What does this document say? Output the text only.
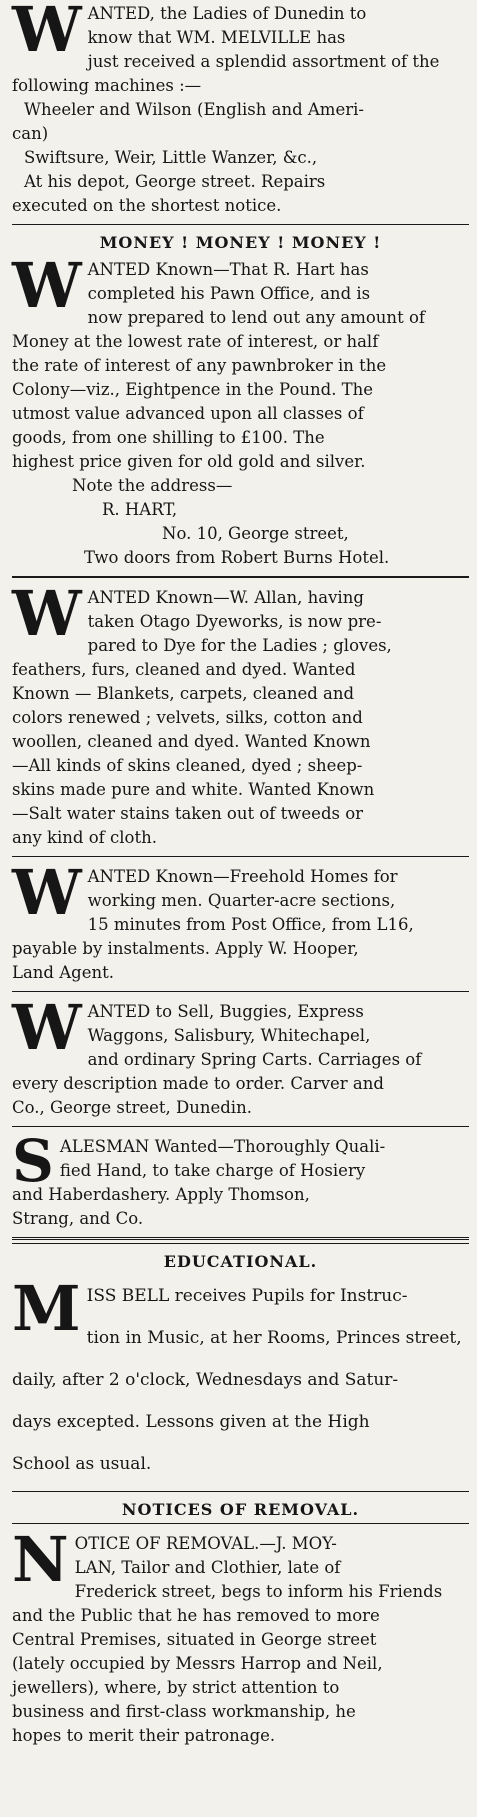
W ANTED, the Ladies of Dunedin to

know that WM. MELVILLE has

just received a splendid assortment of the

following machines :—

Wheeler and Wilson (English and Ameri-

can)

Swiftsure, Weir, Little Wanzer, &c.,

At his depot, George street. Repairs

executed on the shortest notice.

MONEY ! MONEY ! MONEY !

W ANTED Known—That R. Hart has

completed his Pawn Office, and is

now prepared to lend out any amount of

Money at the lowest rate of interest, or half

the rate of interest of any pawnbroker in the

Colony—viz., Eightpence in the Pound. The

utmost value advanced upon all classes of

goods, from one shilling to £100. The

highest price given for old gold and silver.

Note the address—

R. HART,

No. 10, George street,

Two doors from Robert Burns Hotel.

W ANTED Known—W. Allan, having

taken Otago Dyeworks, is now pre-

pared to Dye for the Ladies ; gloves,

feathers, furs, cleaned and dyed. Wanted

Known — Blankets, carpets, cleaned and

colors renewed ; velvets, silks, cotton and

woollen, cleaned and dyed. Wanted Known

—All kinds of skins cleaned, dyed ; sheep-

skins made pure and white. Wanted Known

—Salt water stains taken out of tweeds or

any kind of cloth.

W ANTED Known—Freehold Homes for

working men. Quarter-acre sections,

15 minutes from Post Office, from L16,

payable by instalments. Apply W. Hooper,

Land Agent.

W ANTED to Sell, Buggies, Express

Waggons, Salisbury, Whitechapel,

and ordinary Spring Carts. Carriages of

every description made to order. Carver and

Co., George street, Dunedin.

S ALESMAN Wanted—Thoroughly Quali-

fied Hand, to take charge of Hosiery

and Haberdashery. Apply Thomson,

Strang, and Co.

EDUCATIONAL.

M ISS BELL receives Pupils for Instruc-

tion in Music, at her Rooms, Princes street,

daily, after 2 o'clock, Wednesdays and Satur-

days excepted. Lessons given at the High

School as usual.

NOTICES OF REMOVAL.

N OTICE OF REMOVAL.—J. MOY-

LAN, Tailor and Clothier, late of

Frederick street, begs to inform his Friends

and the Public that he has removed to more

Central Premises, situated in George street

(lately occupied by Messrs Harrop and Neil,

jewellers), where, by strict attention to

business and first-class workmanship, he

hopes to merit their patronage.
